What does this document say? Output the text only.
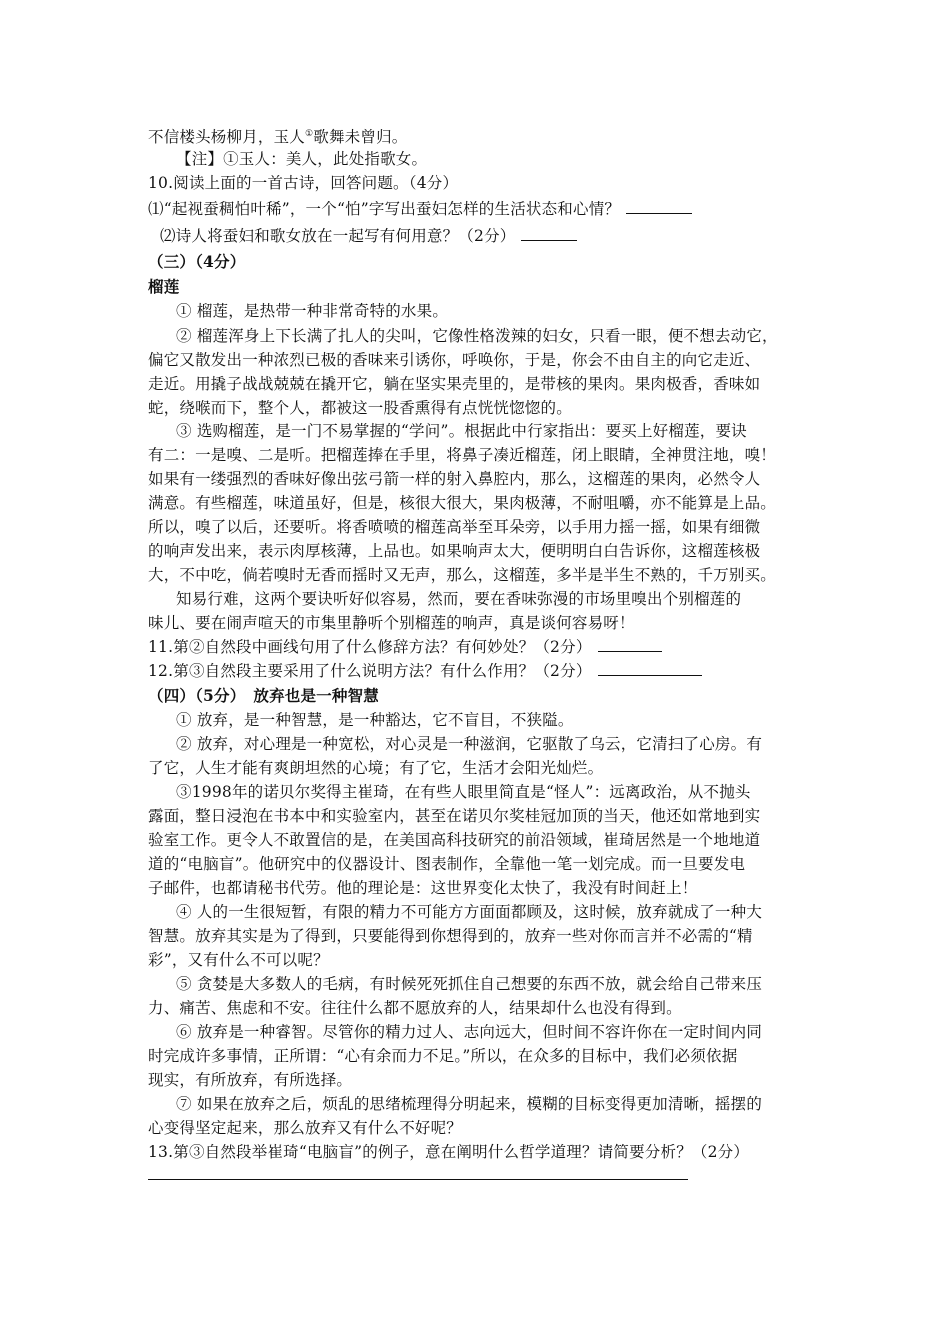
不信楼头杨柳月，玉人①歌舞未曾归。
【注】①玉人：美人，此处指歌女。
10.阅读上面的一首古诗，回答问题。（4分）
⑴“起视蚕稠怕叶稀”，一个“怕”字写出蚕妇怎样的生活状态和心情？
⑵诗人将蚕妇和歌女放在一起写有何用意？（2分）
（三）（4分）
榴莲
① 榴莲，是热带一种非常奇特的水果。
② 榴莲浑身上下长满了扎人的尖叫，它像性格泼辣的妇女，只看一眼，便不想去动它，
偏它又散发出一种浓烈已极的香味来引诱你，呼唤你，于是，你会不由自主的向它走近、
走近。用撬子战战兢兢在撬开它，躺在坚实果壳里的，是带核的果肉。果肉极香，香味如
蛇，绕喉而下，整个人，都被这一股香熏得有点恍恍惚惚的。
③ 选购榴莲，是一门不易掌握的“学问”。根据此中行家指出：要买上好榴莲，要诀
有二：一是嗅、二是听。把榴莲捧在手里，将鼻子凑近榴莲，闭上眼睛，全神贯注地，嗅！
如果有一缕强烈的香味好像出弦弓箭一样的射入鼻腔内，那么，这榴莲的果肉，必然令人
满意。有些榴莲，味道虽好，但是，核很大很大，果肉极薄，不耐咀嚼，亦不能算是上品。
所以，嗅了以后，还要听。将香喷喷的榴莲高举至耳朵旁，以手用力摇一摇，如果有细微
的响声发出来，表示肉厚核薄，上品也。如果响声太大，便明明白白告诉你，这榴莲核极
大，不中吃，倘若嗅时无香而摇时又无声，那么，这榴莲，多半是半生不熟的，千万别买。
知易行难，这两个要诀听好似容易，然而，要在香味弥漫的市场里嗅出个别榴莲的
味儿、要在闹声喧天的市集里静听个别榴莲的响声，真是谈何容易呀！
11.第②自然段中画线句用了什么修辞方法？有何妙处？（2分）
12.第③自然段主要采用了什么说明方法？有什么作用？（2分）
（四）（5分）　放弃也是一种智慧
① 放弃，是一种智慧，是一种豁达，它不盲目，不狭隘。
② 放弃，对心理是一种宽松，对心灵是一种滋润，它驱散了乌云，它清扫了心房。有
了它，人生才能有爽朗坦然的心境；有了它，生活才会阳光灿烂。
③1998年的诺贝尔奖得主崔琦，在有些人眼里简直是“怪人”：远离政治，从不抛头
露面，整日浸泡在书本中和实验室内，甚至在诺贝尔奖桂冠加顶的当天，他还如常地到实
验室工作。更令人不敢置信的是，在美国高科技研究的前沿领域，崔琦居然是一个地地道
道的“电脑盲”。他研究中的仪器设计、图表制作，全靠他一笔一划完成。而一旦要发电
子邮件，也都请秘书代劳。他的理论是：这世界变化太快了，我没有时间赶上！
④ 人的一生很短暂，有限的精力不可能方方面面都顾及，这时候，放弃就成了一种大
智慧。放弃其实是为了得到，只要能得到你想得到的，放弃一些对你而言并不必需的“精
彩”，又有什么不可以呢？
⑤ 贪婪是大多数人的毛病，有时候死死抓住自己想要的东西不放，就会给自己带来压
力、痛苦、焦虑和不安。往往什么都不愿放弃的人，结果却什么也没有得到。
⑥ 放弃是一种睿智。尽管你的精力过人、志向远大，但时间不容许你在一定时间内同
时完成许多事情，正所谓：“心有余而力不足。”所以，在众多的目标中，我们必须依据
现实，有所放弃，有所选择。
⑦ 如果在放弃之后，烦乱的思绪梳理得分明起来，模糊的目标变得更加清晰，摇摆的
心变得坚定起来，那么放弃又有什么不好呢？
13.第③自然段举崔琦“电脑盲”的例子，意在阐明什么哲学道理？请简要分析？（2分）
